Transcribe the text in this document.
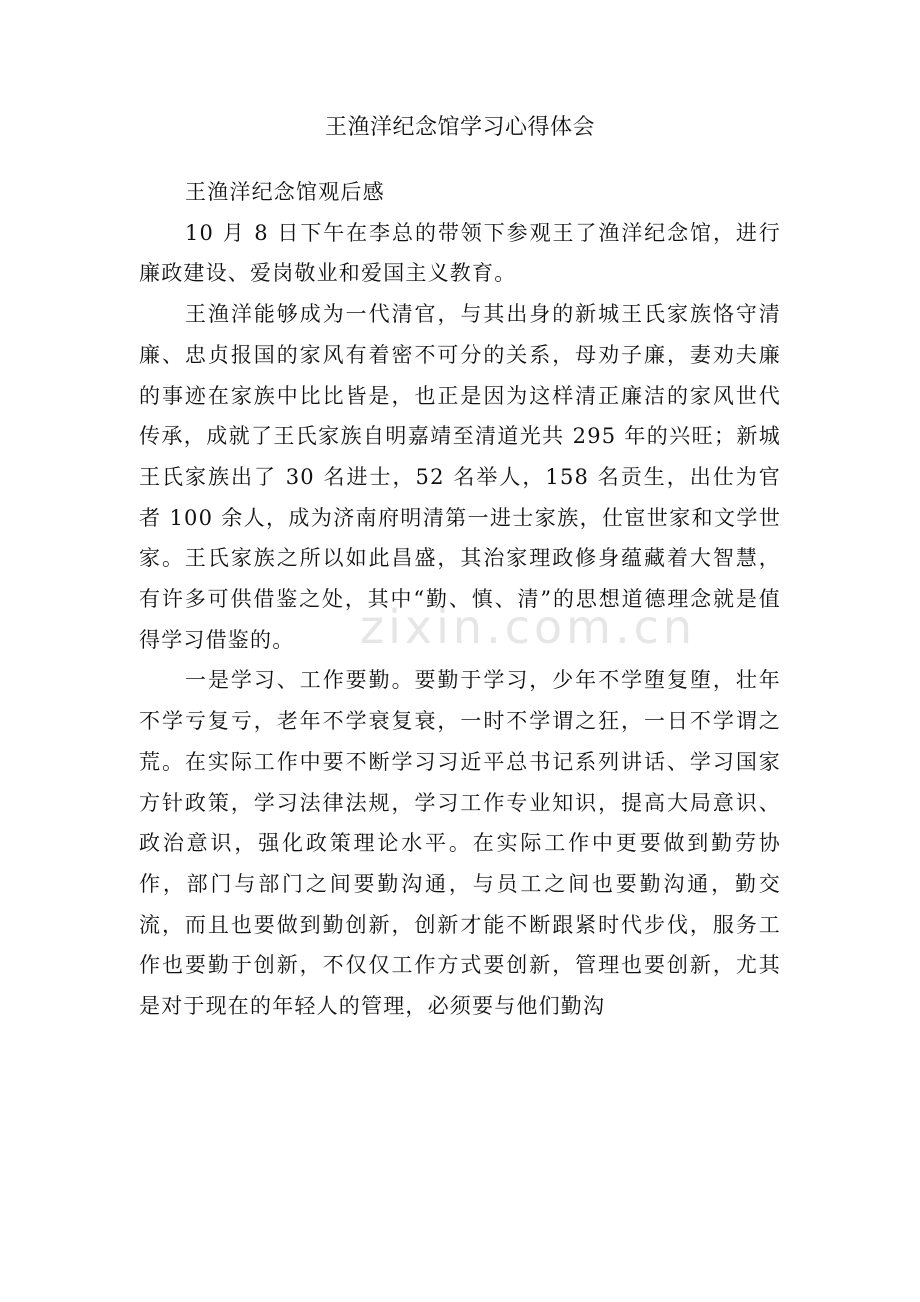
zixin.com.cn
王渔洋纪念馆学习心得体会

王渔洋纪念馆观后感

10 月 8 日下午在李总的带领下参观王了渔洋纪念馆，进行廉政建设、爱岗敬业和爱国主义教育。

王渔洋能够成为一代清官，与其出身的新城王氏家族恪守清廉、忠贞报国的家风有着密不可分的关系，母劝子廉，妻劝夫廉的事迹在家族中比比皆是，也正是因为这样清正廉洁的家风世代传承，成就了王氏家族自明嘉靖至清道光共 295 年的兴旺；新城王氏家族出了 30 名进士，52 名举人，158 名贡生，出仕为官者 100 余人，成为济南府明清第一进士家族，仕宦世家和文学世家。王氏家族之所以如此昌盛，其治家理政修身蕴藏着大智慧，有许多可供借鉴之处，其中“勤、慎、清”的思想道德理念就是值得学习借鉴的。

一是学习、工作要勤。要勤于学习，少年不学堕复堕，壮年不学亏复亏，老年不学衰复衰，一时不学谓之狂，一日不学谓之荒。在实际工作中要不断学习习近平总书记系列讲话、学习国家方针政策，学习法律法规，学习工作专业知识，提高大局意识、政治意识，强化政策理论水平。在实际工作中更要做到勤劳协作，部门与部门之间要勤沟通，与员工之间也要勤沟通，勤交流，而且也要做到勤创新，创新才能不断跟紧时代步伐，服务工作也要勤于创新，不仅仅工作方式要创新，管理也要创新，尤其是对于现在的年轻人的管理，必须要与他们勤沟
